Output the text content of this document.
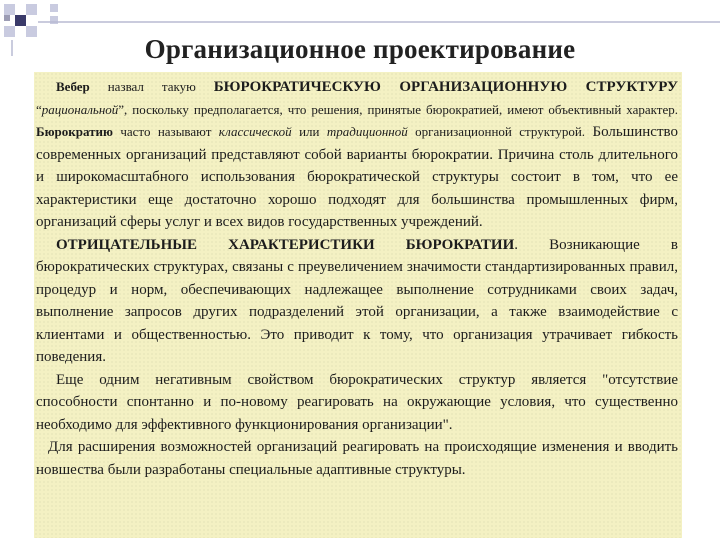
Организационное проектирование

Вебер назвал такую БЮРОКРАТИЧЕСКУЮ ОРГАНИЗАЦИОННУЮ СТРУКТУРУ “рациональной”, поскольку предполагается, что решения, принятые бюрократией, имеют объективный характер. Бюрократию часто называют классической или традиционной организационной структурой. Большинство современных организаций представляют собой варианты бюрократии. Причина столь длительного и широкомасштабного использования бюрократической структуры состоит в том, что ее характеристики еще достаточно хорошо подходят для большинства промышленных фирм, организаций сферы услуг и всех видов государственных учреждений.

ОТРИЦАТЕЛЬНЫЕ ХАРАКТЕРИСТИКИ БЮРОКРАТИИ. Возникающие в бюрократических структурах, связаны с преувеличением значимости стандартизированных правил, процедур и норм, обеспечивающих надлежащее выполнение сотрудниками своих задач, выполнение запросов других подразделений этой организации, а также взаимодействие с клиентами и общественностью. Это приводит к тому, что организация утрачивает гибкость поведения.

Еще одним негативным свойством бюрократических структур является "отсутствие способности спонтанно и по-новому реагировать на окружающие условия, что существенно необходимо для эффективного функционирования организации".

Для расширения возможностей организаций реагировать на происходящие изменения и вводить новшества были разработаны специальные адаптивные структуры.
